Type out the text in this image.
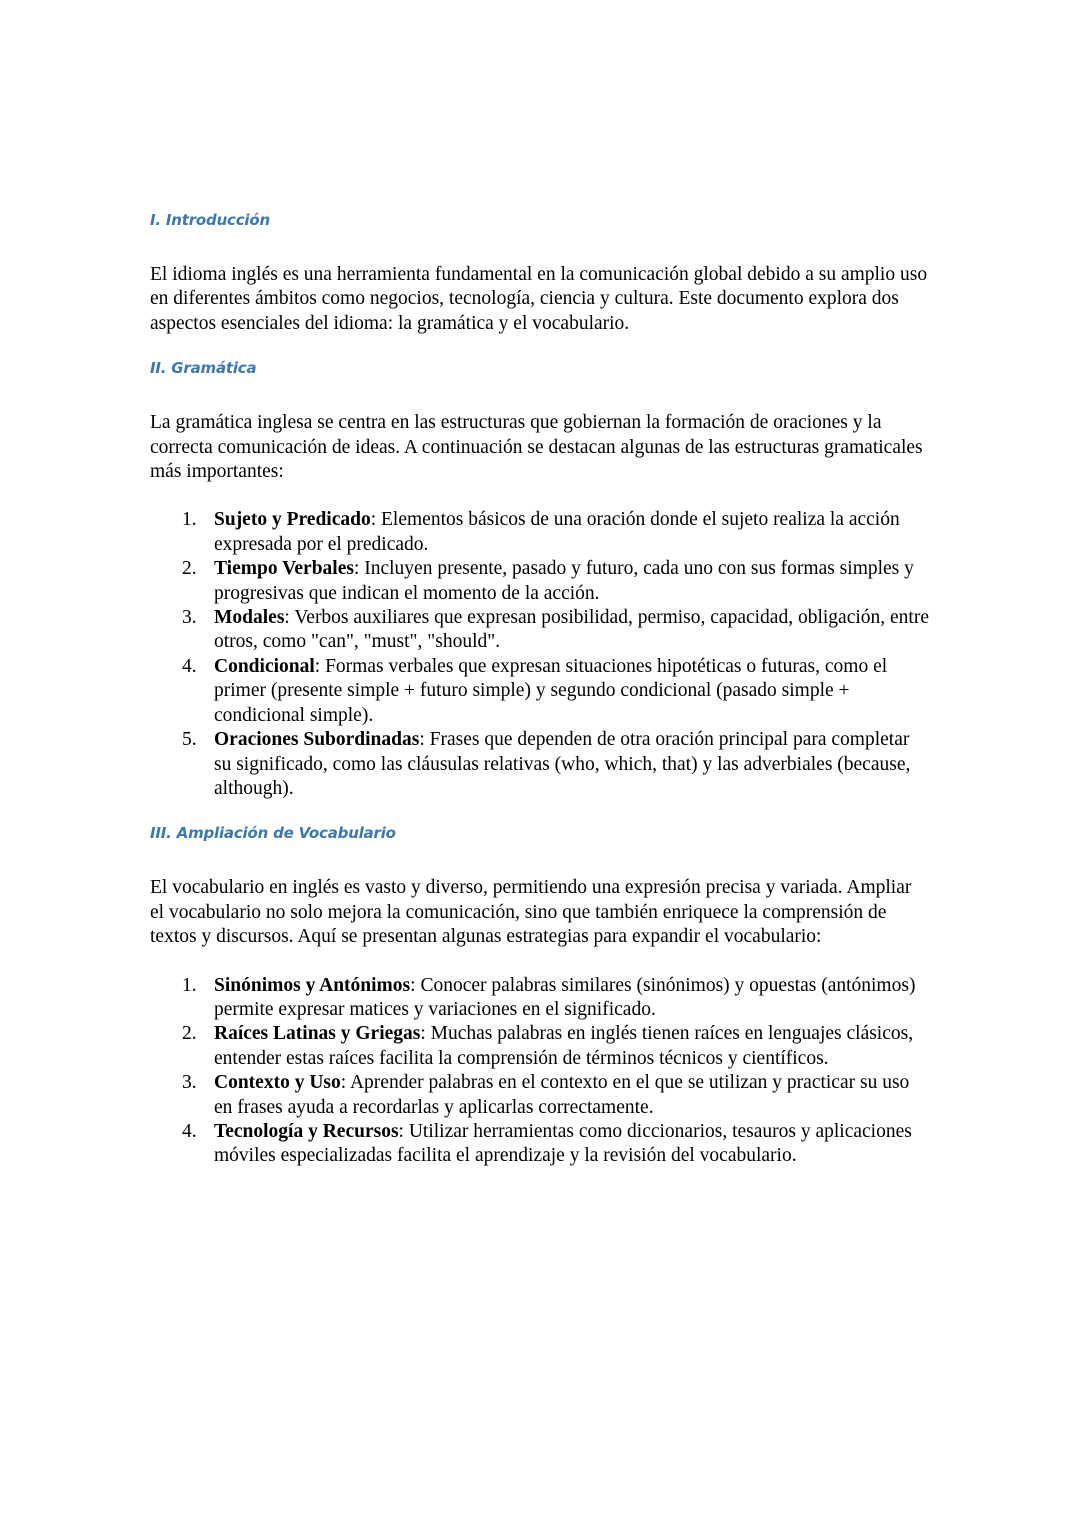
I. Introducción

El idioma inglés es una herramienta fundamental en la comunicación global debido a su amplio uso en diferentes ámbitos como negocios, tecnología, ciencia y cultura. Este documento explora dos aspectos esenciales del idioma: la gramática y el vocabulario.

II. Gramática

La gramática inglesa se centra en las estructuras que gobiernan la formación de oraciones y la correcta comunicación de ideas. A continuación se destacan algunas de las estructuras gramaticales más importantes:

1. Sujeto y Predicado: Elementos básicos de una oración donde el sujeto realiza la acción expresada por el predicado.
2. Tiempo Verbales: Incluyen presente, pasado y futuro, cada uno con sus formas simples y progresivas que indican el momento de la acción.
3. Modales: Verbos auxiliares que expresan posibilidad, permiso, capacidad, obligación, entre otros, como "can", "must", "should".
4. Condicional: Formas verbales que expresan situaciones hipotéticas o futuras, como el primer (presente simple + futuro simple) y segundo condicional (pasado simple + condicional simple).
5. Oraciones Subordinadas: Frases que dependen de otra oración principal para completar su significado, como las cláusulas relativas (who, which, that) y las adverbiales (because, although).
III. Ampliación de Vocabulario

El vocabulario en inglés es vasto y diverso, permitiendo una expresión precisa y variada. Ampliar el vocabulario no solo mejora la comunicación, sino que también enriquece la comprensión de textos y discursos. Aquí se presentan algunas estrategias para expandir el vocabulario:

1. Sinónimos y Antónimos: Conocer palabras similares (sinónimos) y opuestas (antónimos) permite expresar matices y variaciones en el significado.
2. Raíces Latinas y Griegas: Muchas palabras en inglés tienen raíces en lenguajes clásicos, entender estas raíces facilita la comprensión de términos técnicos y científicos.
3. Contexto y Uso: Aprender palabras en el contexto en el que se utilizan y practicar su uso en frases ayuda a recordarlas y aplicarlas correctamente.
4. Tecnología y Recursos: Utilizar herramientas como diccionarios, tesauros y aplicaciones móviles especializadas facilita el aprendizaje y la revisión del vocabulario.
